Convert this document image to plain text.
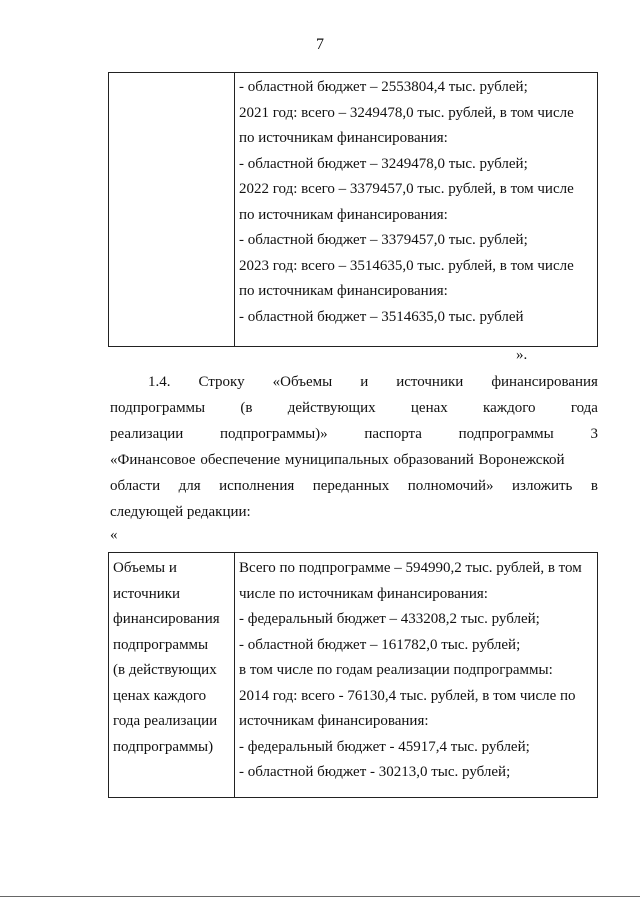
7
- областной бюджет – 2553804,4 тыс. рублей;
2021 год: всего – 3249478,0 тыс. рублей, в том числе
по источникам финансирования:
- областной бюджет – 3249478,0 тыс. рублей;
2022 год: всего – 3379457,0 тыс. рублей, в том числе
по источникам финансирования:
- областной бюджет – 3379457,0 тыс. рублей;
2023 год: всего – 3514635,0 тыс. рублей, в том числе
по источникам финансирования:
- областной бюджет – 3514635,0 тыс. рублей
».
1.4. Строку «Объемы и источники финансирования
подпрограммы (в действующих ценах каждого года
реализации подпрограммы)» паспорта подпрограммы 3
«Финансовое обеспечение муниципальных образований Воронежской
области для исполнения переданных полномочий» изложить в
следующей редакции:
«
Объемы и
источники
финансирования
подпрограммы
(в действующих
ценах каждого
года реализации
подпрограммы)
Всего по подпрограмме – 594990,2 тыс. рублей, в том
числе по источникам финансирования:
- федеральный бюджет – 433208,2 тыс. рублей;
- областной бюджет – 161782,0 тыс. рублей;
в том числе по годам реализации подпрограммы:
2014 год: всего - 76130,4 тыс. рублей, в том числе по
источникам финансирования:
- федеральный бюджет - 45917,4 тыс. рублей;
- областной бюджет - 30213,0 тыс. рублей;
